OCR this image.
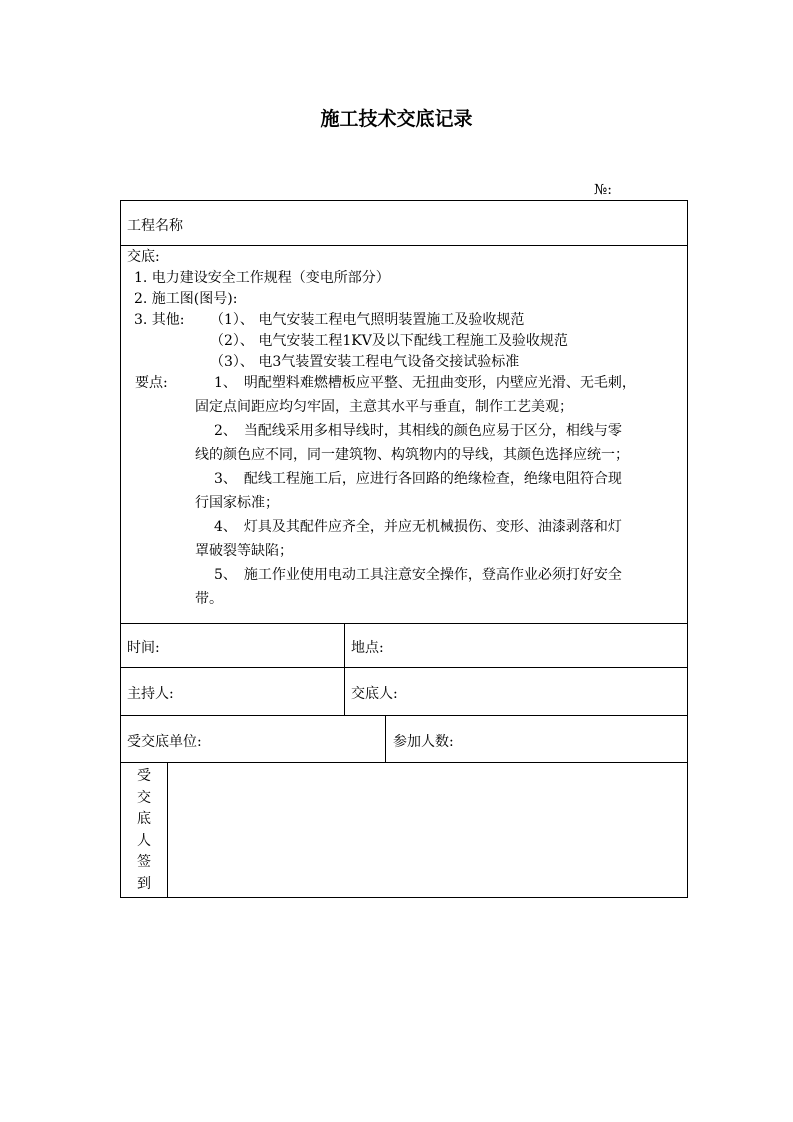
施工技术交底记录
№:
工程名称
交底:
1. 电力建设安全工作规程（变电所部分）
2. 施工图(图号):
3. 其他: （1）、 电气安装工程电气照明装置施工及验收规范
（2）、 电气安装工程1KV及以下配线工程施工及验收规范
（3）、 电3气装置安装工程电气设备交接试验标准
要点:	1、　明配塑料难燃槽板应平整、无扭曲变形，内壁应光滑、无毛刺，
固定点间距应均匀牢固，主意其水平与垂直，制作工艺美观；
　2、　当配线采用多相导线时，其相线的颜色应易于区分，相线与零
线的颜色应不同，同一建筑物、构筑物内的导线，其颜色选择应统一；
　3、　配线工程施工后，应进行各回路的绝缘检查，绝缘电阻符合现
行国家标准；
　4、　灯具及其配件应齐全，并应无机械损伤、变形、油漆剥落和灯
罩破裂等缺陷；
　5、　施工作业使用电动工具注意安全操作，登高作业必须打好安全
带。
时间:	地点:
主持人:	交底人:
受交底单位:	参加人数:
受
交
底
人
签
到
